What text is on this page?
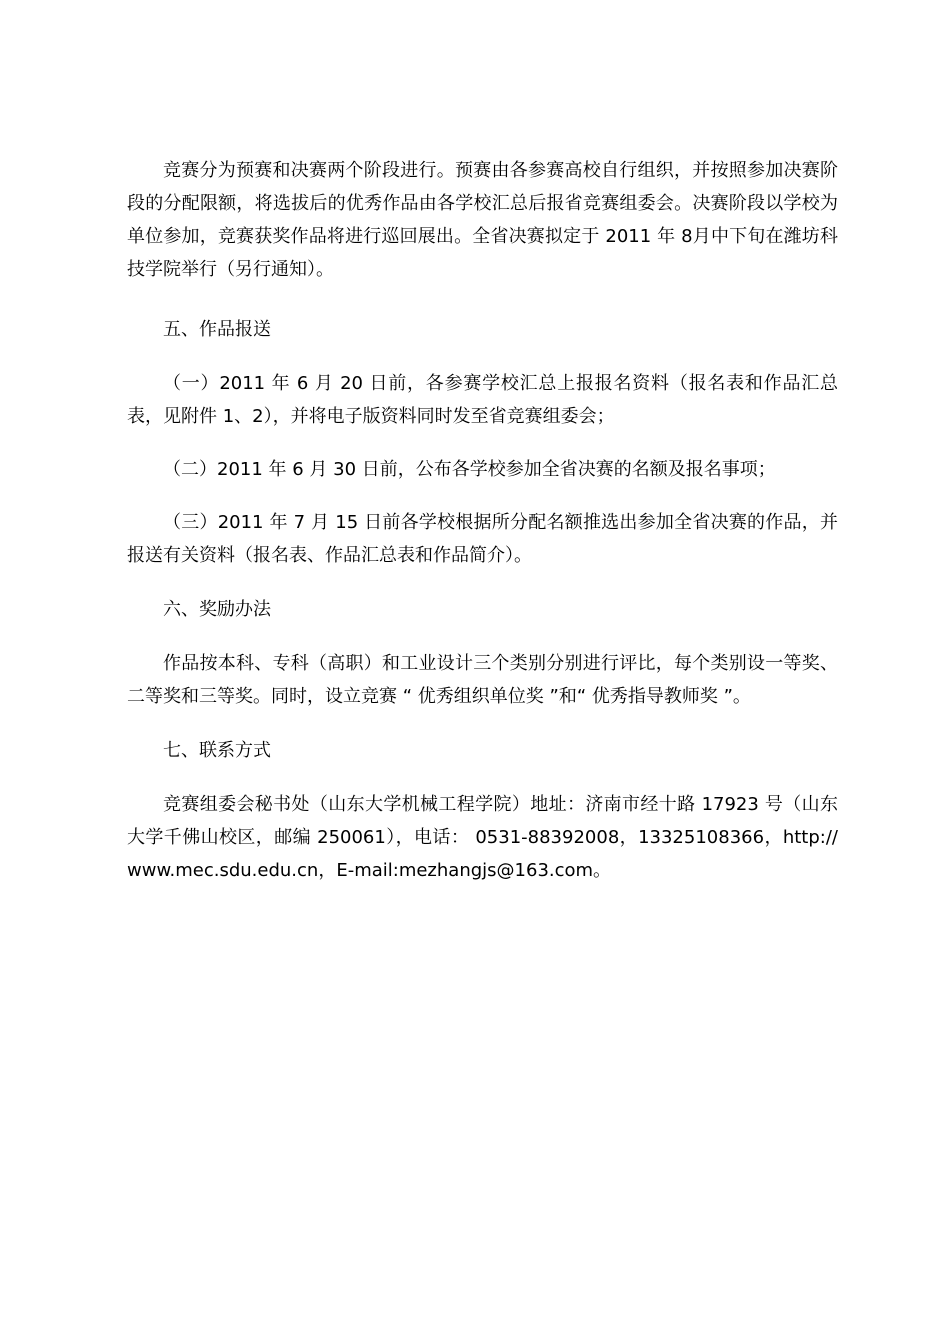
竞赛分为预赛和决赛两个阶段进行。预赛由各参赛高校自行组织，并按照参加决赛阶段的分配限额，将选拔后的优秀作品由各学校汇总后报省竞赛组委会。决赛阶段以学校为单位参加，竞赛获奖作品将进行巡回展出。全省决赛拟定于 2011 年 8月中下旬在潍坊科技学院举行（另行通知）。

五、作品报送

（一）2011 年 6 月 20 日前，各参赛学校汇总上报报名资料（报名表和作品汇总表，见附件 1、2），并将电子版资料同时发至省竞赛组委会；

（二）2011 年 6 月 30 日前，公布各学校参加全省决赛的名额及报名事项；

（三）2011 年 7 月 15 日前各学校根据所分配名额推选出参加全省决赛的作品，并报送有关资料（报名表、作品汇总表和作品简介）。

六、奖励办法

作品按本科、专科（高职）和工业设计三个类别分别进行评比，每个类别设一等奖、二等奖和三等奖。同时，设立竞赛 “ 优秀组织单位奖 ”和“ 优秀指导教师奖 ”。

七、联系方式

竞赛组委会秘书处（山东大学机械工程学院）地址：济南市经十路 17923 号（山东大学千佛山校区，邮编 250061），电话： 0531-88392008，13325108366，http://www.mec.sdu.edu.cn，E-mail:mezhangjs@163.com。
